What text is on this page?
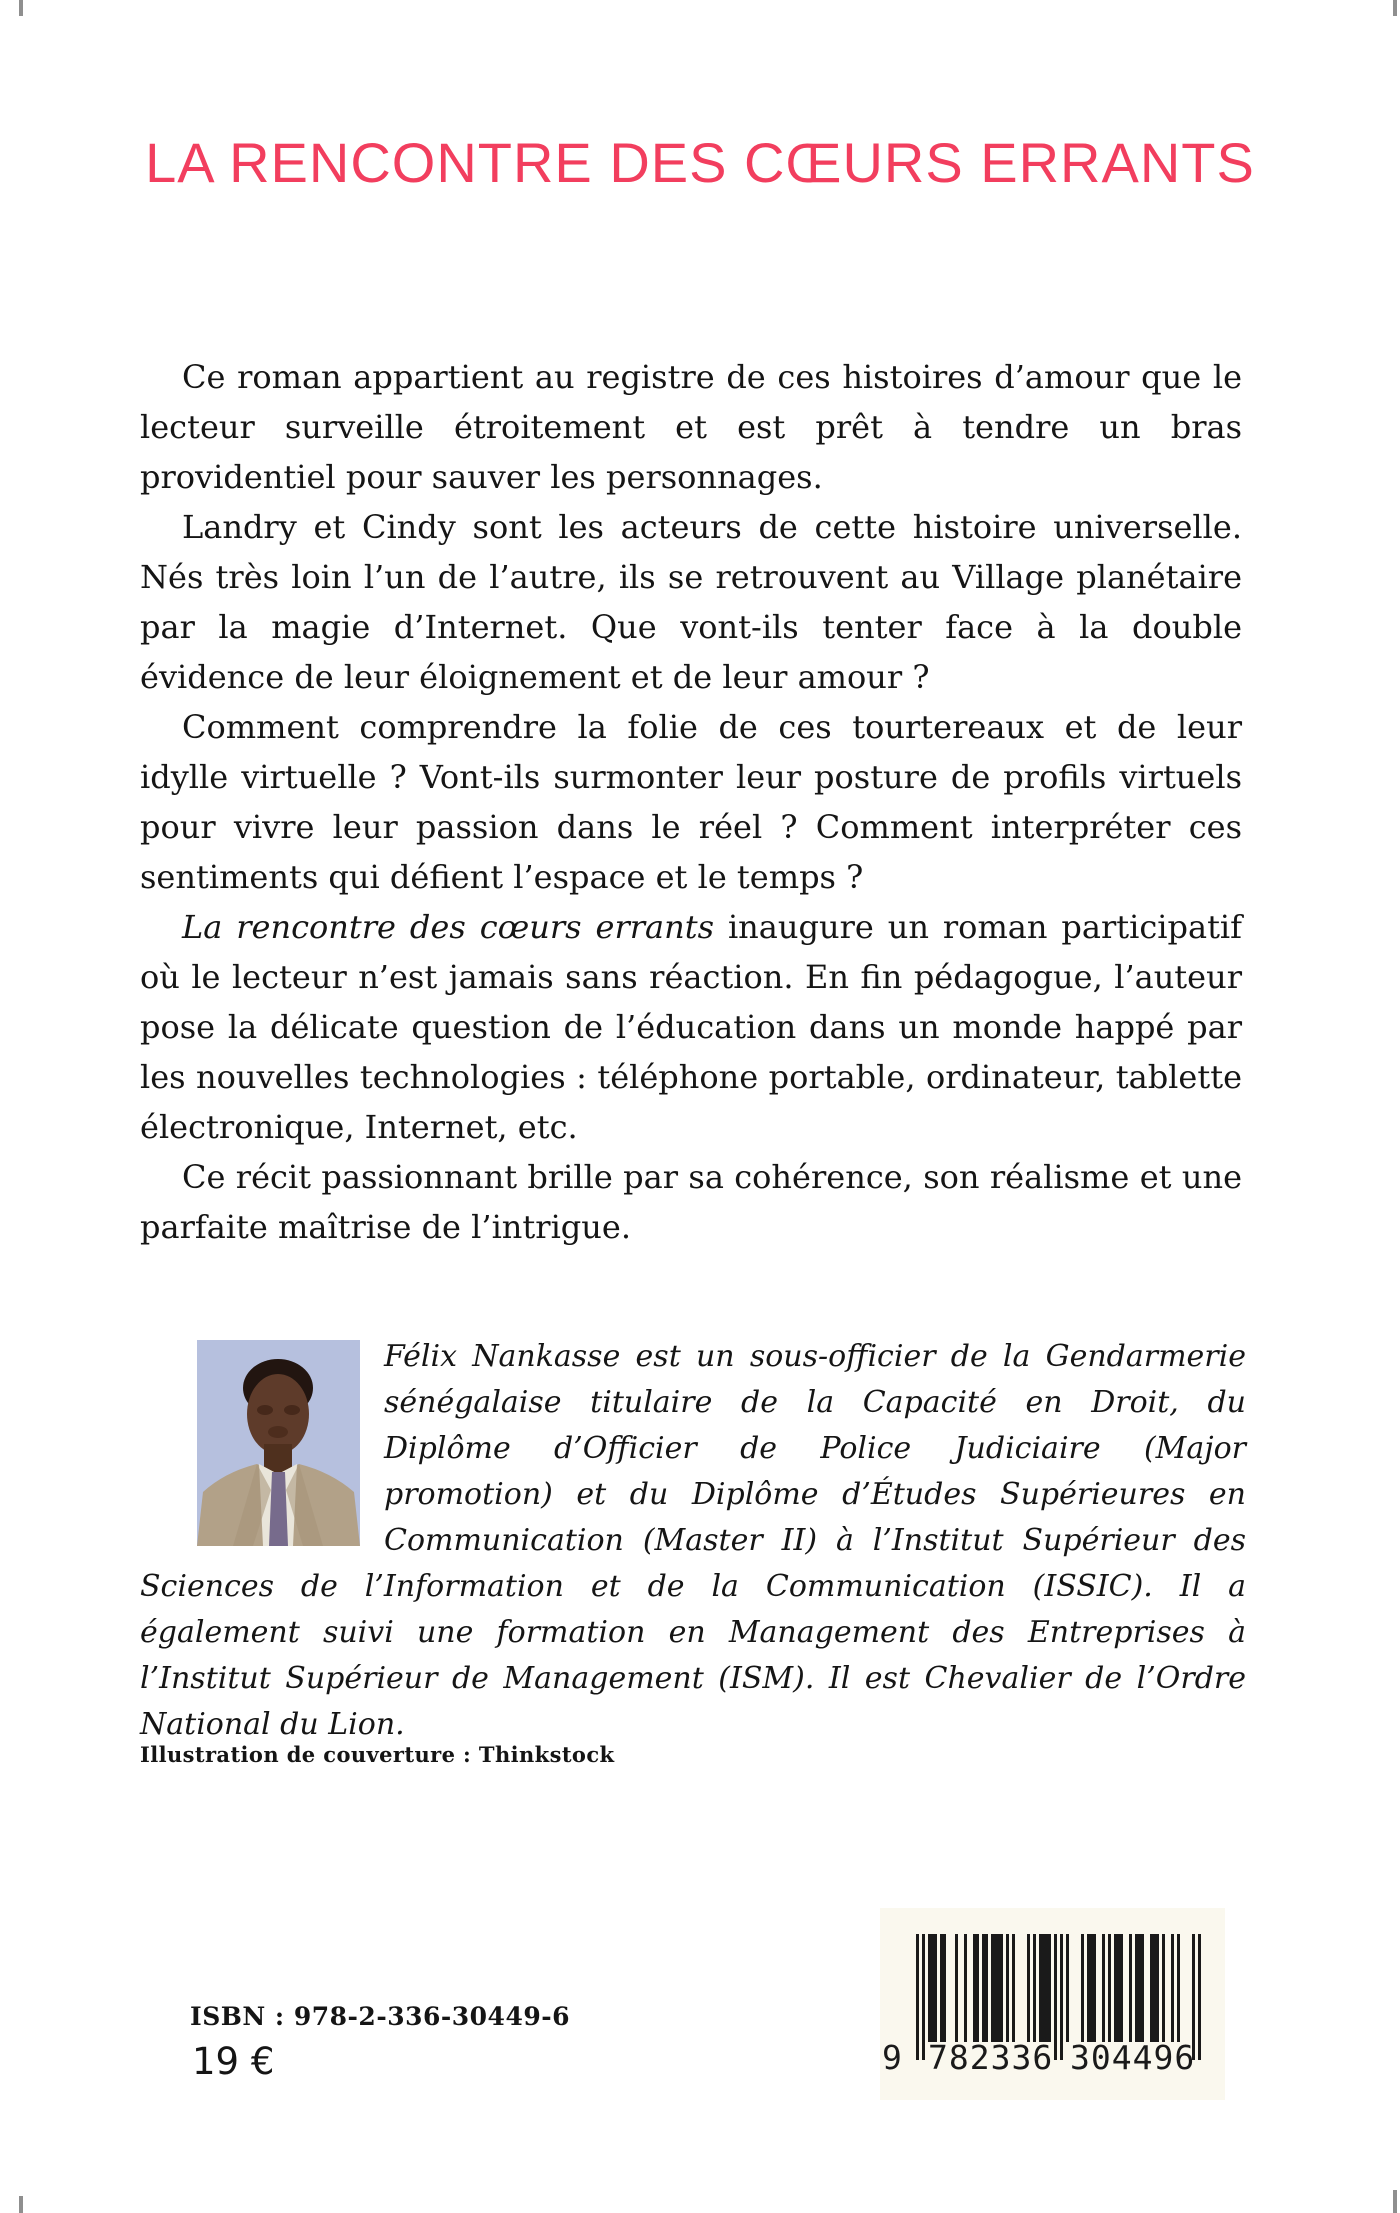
LA RENCONTRE DES CŒURS ERRANTS

Ce roman appartient au registre de ces histoires d’amour que le lecteur surveille étroitement et est prêt à tendre un bras providentiel pour sauver les personnages.

Landry et Cindy sont les acteurs de cette histoire universelle. Nés très loin l’un de l’autre, ils se retrouvent au Village planétaire par la magie d’Internet. Que vont-ils tenter face à la double évidence de leur éloignement et de leur amour ?

Comment comprendre la folie de ces tourtereaux et de leur idylle virtuelle ? Vont-ils surmonter leur posture de profils virtuels pour vivre leur passion dans le réel ? Comment interpréter ces sentiments qui défient l’espace et le temps ?

La rencontre des cœurs errants inaugure un roman participatif où le lecteur n’est jamais sans réaction. En fin pédagogue, l’auteur pose la délicate question de l’éducation dans un monde happé par les nouvelles technologies : téléphone portable, ordinateur, tablette électronique, Internet, etc.

Ce récit passionnant brille par sa cohérence, son réalisme et une parfaite maîtrise de l’intrigue.

Félix Nankasse est un sous-officier de la Gendarmerie sénégalaise titulaire de la Capacité en Droit, du Diplôme d’Officier de Police Judiciaire (Major promotion) et du Diplôme d’Études Supérieures en Communication (Master II) à l’Institut Supérieur des Sciences de l’Information et de la Communication (ISSIC). Il a également suivi une formation en Management des Entreprises à l’Institut Supérieur de Management (ISM). Il est Chevalier de l’Ordre National du Lion.
Illustration de couverture : Thinkstock
ISBN : 978-2-336-30449-6
19 €	9 782336 304496
